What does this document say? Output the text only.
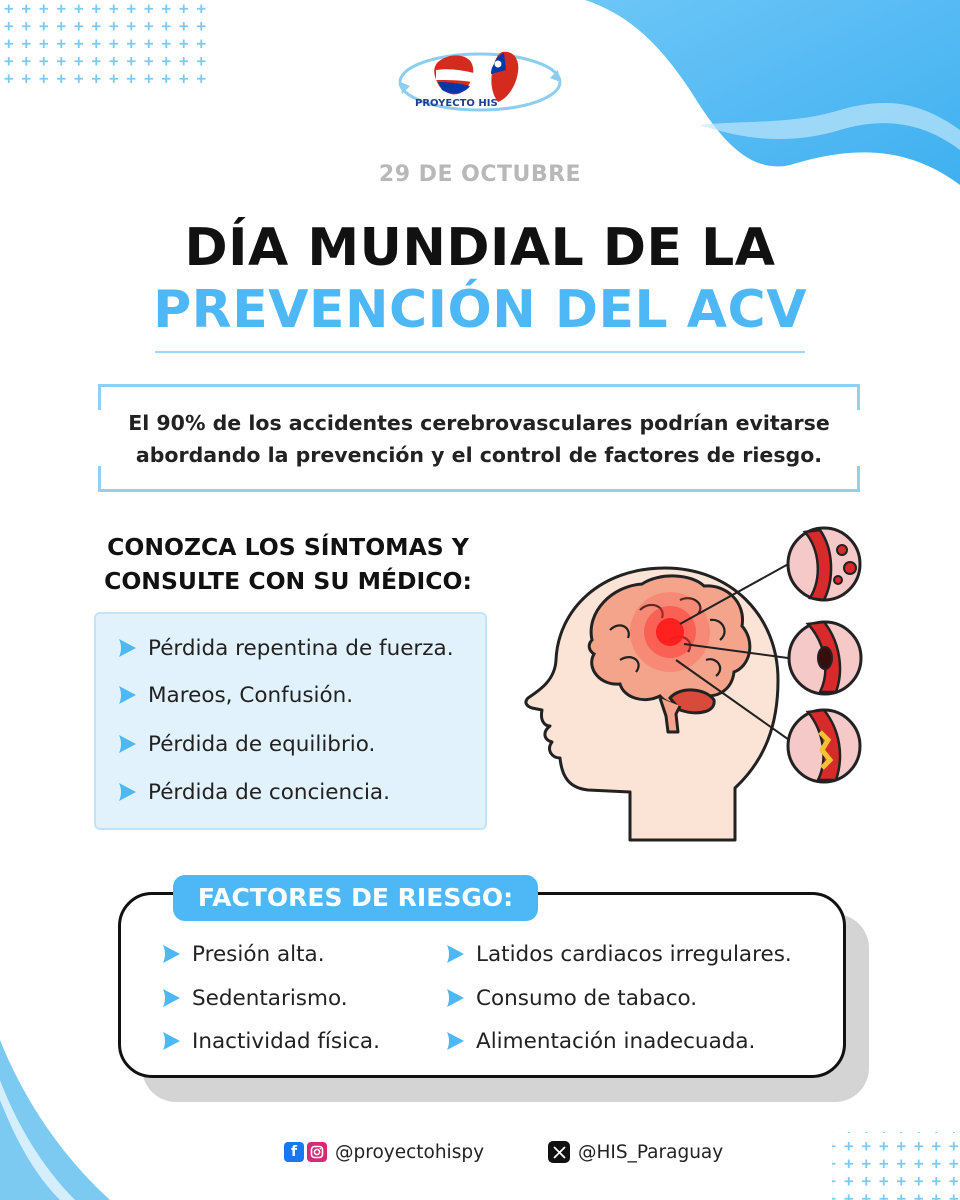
PROYECTO HIS
29 DE OCTUBRE
DÍA MUNDIAL DE LA
PREVENCIÓN DEL ACV
El 90% de los accidentes cerebrovasculares podrían evitarse
abordando la prevención y el control de factores de riesgo.
CONOZCA LOS SÍNTOMAS Y
CONSULTE CON SU MÉDICO:
Pérdida repentina de fuerza.
Mareos, Confusión.
Pérdida de equilibrio.
Pérdida de conciencia.
FACTORES DE RIESGO:
Presión alta.
Sedentarismo.
Inactividad física.
Latidos cardiacos irregulares.
Consumo de tabaco.
Alimentación inadecuada.
f	@proyectohispy	@HIS_Paraguay
